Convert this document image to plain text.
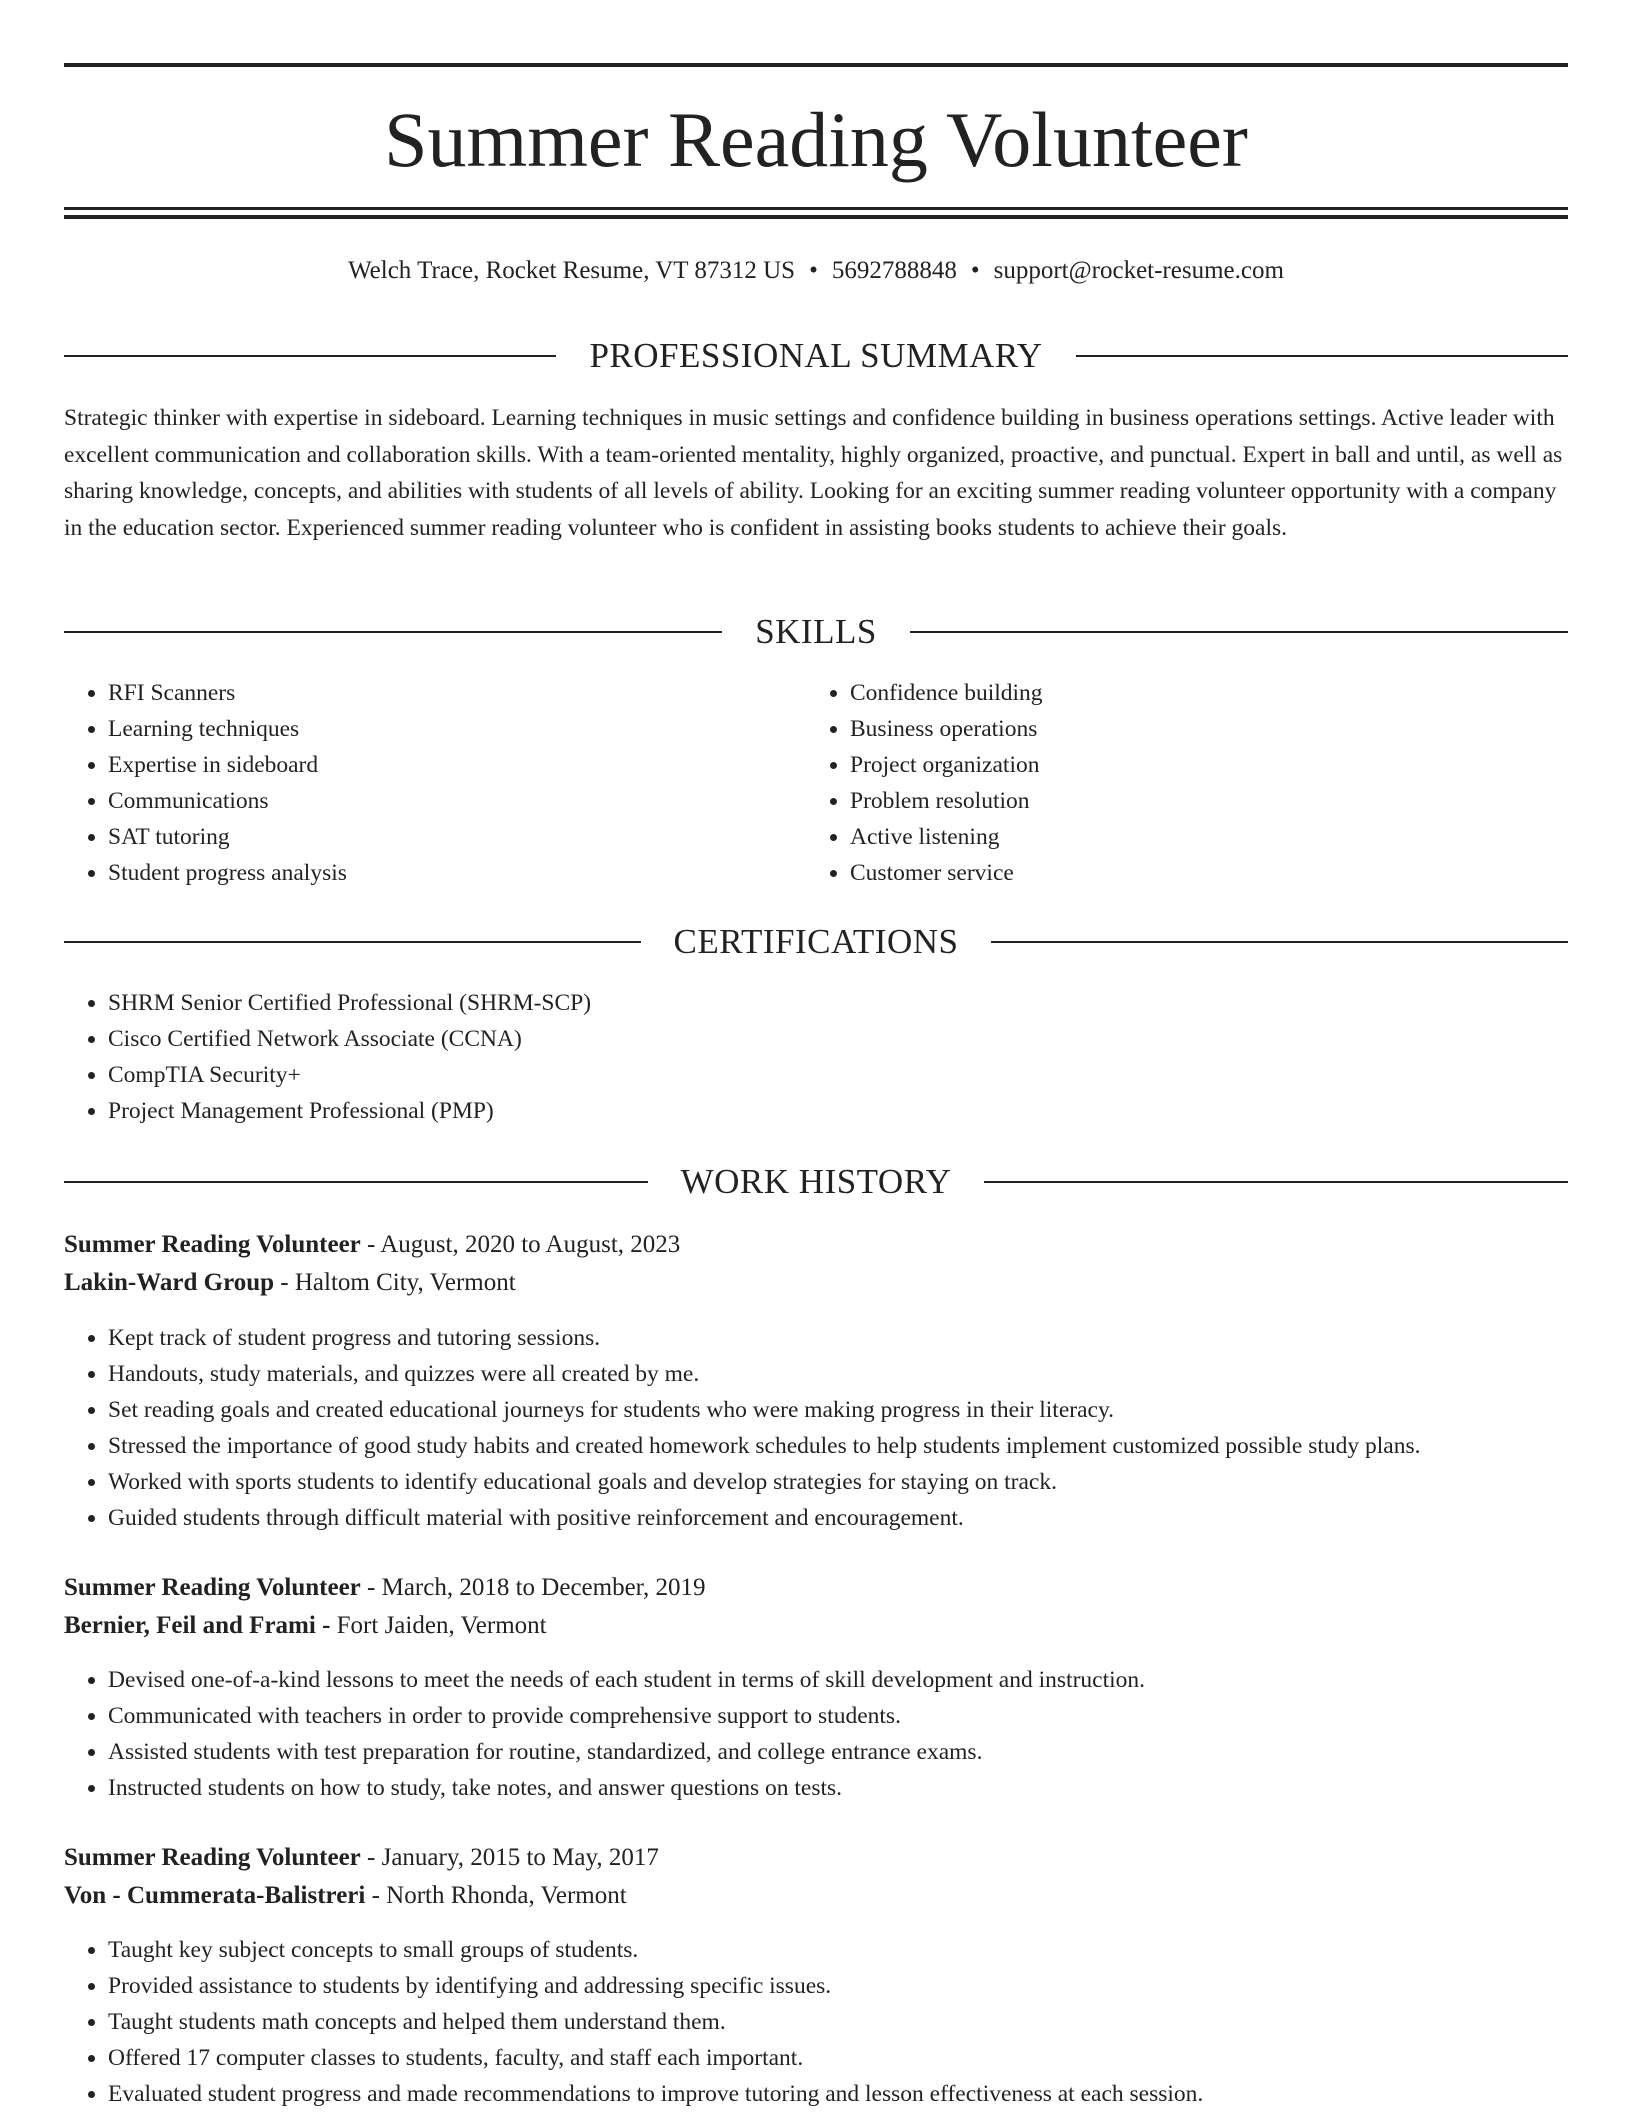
Summer Reading Volunteer
Welch Trace, Rocket Resume, VT 87312 US • 5692788848 • support@rocket-resume.com
PROFESSIONAL SUMMARY
Strategic thinker with expertise in sideboard. Learning techniques in music settings and confidence building in business operations settings. Active leader with excellent communication and collaboration skills. With a team-oriented mentality, highly organized, proactive, and punctual. Expert in ball and until, as well as sharing knowledge, concepts, and abilities with students of all levels of ability. Looking for an exciting summer reading volunteer opportunity with a company in the education sector. Experienced summer reading volunteer who is confident in assisting books students to achieve their goals.
SKILLS
• RFI Scanners
• Learning techniques
• Expertise in sideboard
• Communications
• SAT tutoring
• Student progress analysis
• Confidence building
• Business operations
• Project organization
• Problem resolution
• Active listening
• Customer service
CERTIFICATIONS
• SHRM Senior Certified Professional (SHRM-SCP)
• Cisco Certified Network Associate (CCNA)
• CompTIA Security+
• Project Management Professional (PMP)
WORK HISTORY
Summer Reading Volunteer - August, 2020 to August, 2023
Lakin-Ward Group - Haltom City, Vermont
• Kept track of student progress and tutoring sessions.
• Handouts, study materials, and quizzes were all created by me.
• Set reading goals and created educational journeys for students who were making progress in their literacy.
• Stressed the importance of good study habits and created homework schedules to help students implement customized possible study plans.
• Worked with sports students to identify educational goals and develop strategies for staying on track.
• Guided students through difficult material with positive reinforcement and encouragement.
Summer Reading Volunteer - March, 2018 to December, 2019
Bernier, Feil and Frami - Fort Jaiden, Vermont
• Devised one-of-a-kind lessons to meet the needs of each student in terms of skill development and instruction.
• Communicated with teachers in order to provide comprehensive support to students.
• Assisted students with test preparation for routine, standardized, and college entrance exams.
• Instructed students on how to study, take notes, and answer questions on tests.
Summer Reading Volunteer - January, 2015 to May, 2017
Von - Cummerata-Balistreri - North Rhonda, Vermont
• Taught key subject concepts to small groups of students.
• Provided assistance to students by identifying and addressing specific issues.
• Taught students math concepts and helped them understand them.
• Offered 17 computer classes to students, faculty, and staff each important.
• Evaluated student progress and made recommendations to improve tutoring and lesson effectiveness at each session.
